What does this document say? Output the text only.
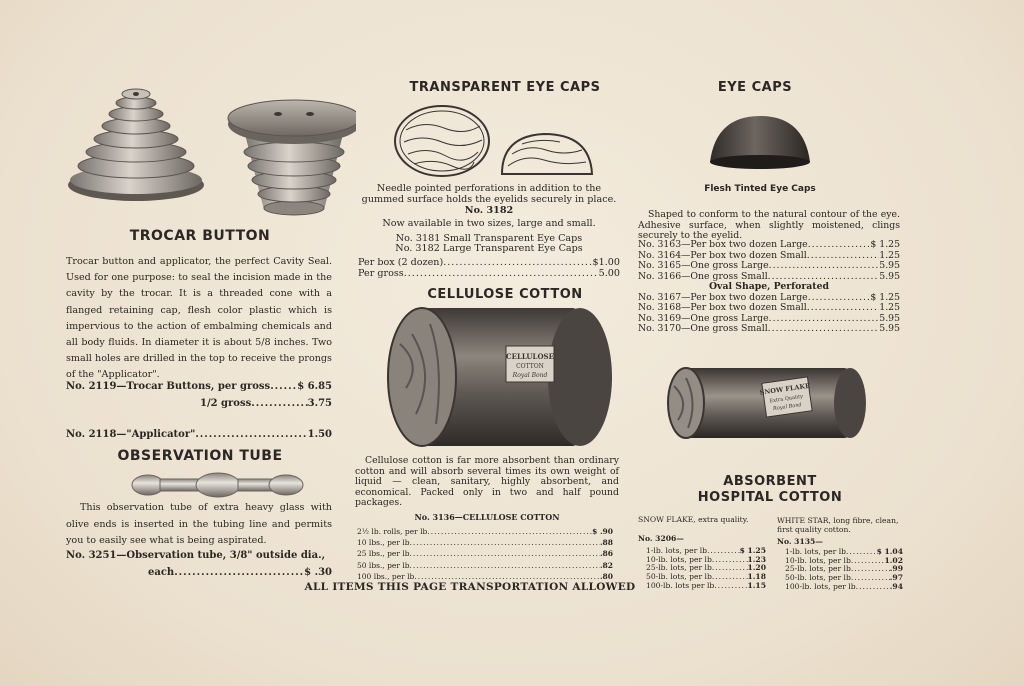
TROCAR BUTTON
Trocar button and applicator, the perfect Cavity Seal. Used for one purpose: to seal the incision made in the cavity by the trocar. It is a threaded cone with a flanged retaining cap, flesh color plastic which is impervious to the action of embalming chemicals and all body fluids. In diameter it is about 5/8 inches. Two small holes are drilled in the top to receive the prongs of the "Applicator".
No. 2119—Trocar Buttons, per gross .....	$ 6.85
1/2 gross .....	3.75
No. 2118—"Applicator" .....	1.50
OBSERVATION TUBE
This observation tube of extra heavy glass with olive ends is inserted in the tubing line and permits you to easily see what is being aspirated.
No. 3251—Observation tube, 3/8" outside dia.,
each .....	$ .30
TRANSPARENT EYE CAPS
Needle pointed perforations in addition to the gummed surface holds the eyelids securely in place.
No. 3182
Now available in two sizes, large and small.
No. 3181 Small Transparent Eye Caps
No. 3182 Large Transparent Eye Caps
Per box (2 dozen) .....	$1.00
Per gross .....	5.00
CELLULOSE COTTON
CELLULOSE
COTTON
Royal Bond
Cellulose cotton is far more absorbent than ordinary cotton and will absorb several times its own weight of liquid — clean, sanitary, highly absorbent, and economical. Packed only in two and half pound packages.
No. 3136—CELLULOSE COTTON
2½ lb. rolls, per lb .....	$ .90
10 lbs., per lb .....	.88
25 lbs., per lb .....	.86
50 lbs., per lb .....	.82
100 lbs., per lb .....	.80
ALL ITEMS THIS PAGE TRANSPORTATION ALLOWED
EYE CAPS
Flesh Tinted Eye Caps
Shaped to conform to the natural contour of the eye. Adhesive surface, when slightly moistened, clings securely to the eyelid.
No. 3163—Per box two dozen Large .....	$ 1.25
No. 3164—Per box two dozen Small .....	1.25
No. 3165—One gross Large .....	5.95
No. 3166—One gross Small .....	5.95
Oval Shape, Perforated
No. 3167—Per box two dozen Large .....	$ 1.25
No. 3168—Per box two dozen Small .....	1.25
No. 3169—One gross Large .....	5.95
No. 3170—One gross Small .....	5.95
SNOW FLAKE
Extra Quality
Royal Bond
ABSORBENT
HOSPITAL COTTON
SNOW FLAKE, extra quality.
No. 3206—
1-lb. lots, per lb .....	$ 1.25
10-lb. lots, per lb .....	1.23
25-lb. lots, per lb .....	1.20
50-lb. lots, per lb .....	1.18
100-lb. lots per lb .....	1.15
WHITE STAR, long fibre, clean, first quality cotton.
No. 3135—
1-lb. lots, per lb .....	$ 1.04
10-lb. lots, per lb .....	1.02
25-lb. lots, per lb .....	.99
50-lb. lots, per lb .....	.97
100-lb. lots, per lb .....	.94
